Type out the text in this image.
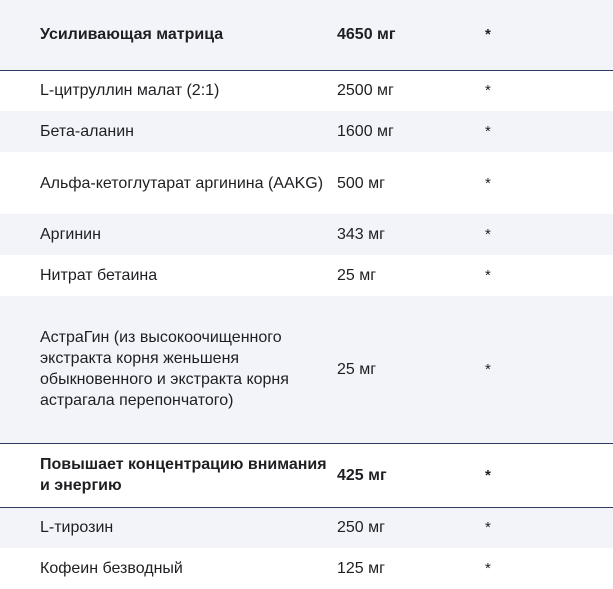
Усиливающая матрица	4650 мг	*
L-цитруллин малат (2:1)	2500 мг	*
Бета-аланин	1600 мг	*
Альфа-кетоглутарат аргинина (AAKG)	500 мг	*
Аргинин	343 мг	*
Нитрат бетаина	25 мг	*
АстраГин (из высокоочищенного экстракта корня женьшеня обыкновенного и экстракта корня астрагала перепончатого)	25 мг	*
Повышает концентрацию внимания и энергию	425 мг	*
L-тирозин	250 мг	*
Кофеин безводный	125 мг	*
